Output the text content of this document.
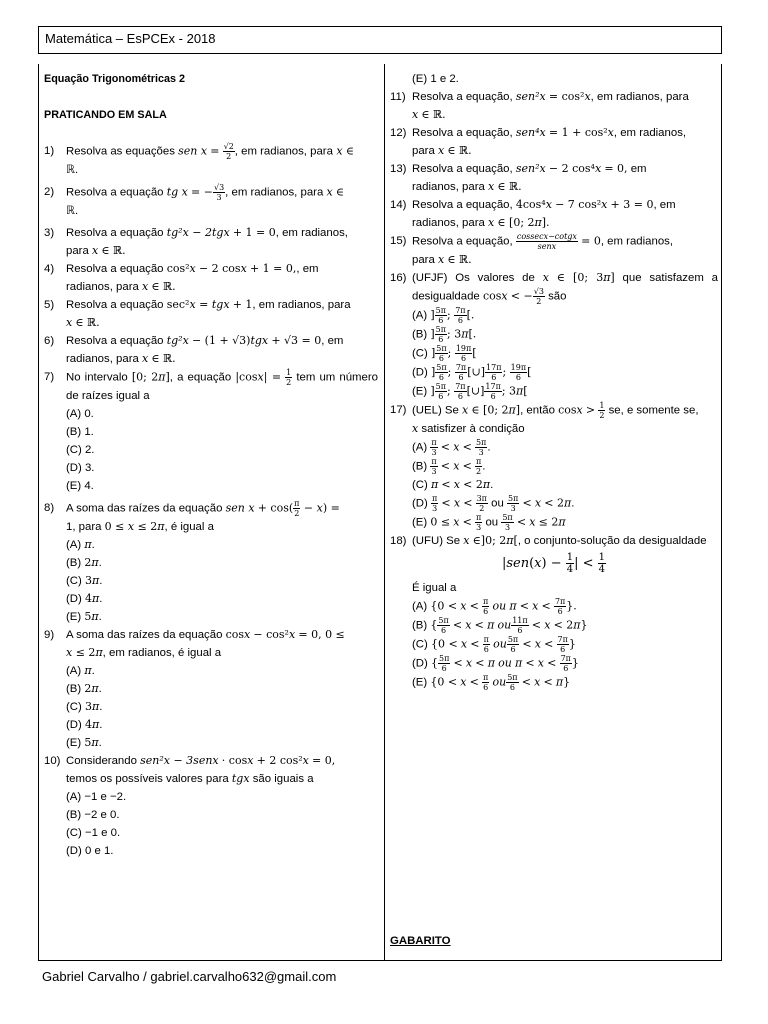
Matemática – EsPCEx - 2018
Equação Trigonométricas 2
PRATICANDO EM SALA
1)	Resolva as equações sen $x = \frac{√2}{2}$ , em radianos, para x ∈
ℝ.
2)	Resolva a equação tg x = − $\frac{√3}{3}$ , em radianos, para x ∈
ℝ.
3)	Resolva a equação tg²x − 2tgx + 1 = 0, em radianos,
para x ∈ ℝ.
4)	Resolva a equação cos²x − 2 cosx + 1 = 0,, em
radianos, para x ∈ ℝ.
5)	Resolva a equação sec²x = tgx + 1, em radianos, para
x ∈ ℝ.
6)	Resolva a equação tg²x − (1 + √3)tgx + √3 = 0, em
radianos, para x ∈ ℝ.
7)	No intervalo [0; 2π], a equação $|\cos x| = \frac{1}{2}$ tem um número de raízes igual a
(A) 0.
(B) 1.
(C) 2.
(D) 3.
(E) 4.
8)	A soma das raízes da equação sen $x + \cos( \frac{\pi}{2} - x)$ =
1, para 0 ≤ x ≤ 2π, é igual a
(A) π.
(B) 2π.
(C) 3π.
(D) 4π.
(E) 5π.
9)	A soma das raízes da equação cosx − cos²x = 0, 0 ≤
x ≤ 2π, em radianos, é igual a
(A) π.
(B) 2π.
(C) 3π.
(D) 4π.
(E) 5π.
10) Considerando sen²x − 3senx · cosx + 2 cos²x = 0,
temos os possíveis valores para tgx são iguais a
(A) −1 e −2.
(B) −2 e 0.
(C) −1 e 0.
(D) 0 e 1.
(E) 1 e 2.
11) Resolva a equação, sen²x = cos²x, em radianos, para
x ∈ ℝ.
12) Resolva a equação, sen⁴x = 1 + cos²x, em radianos,
para x ∈ ℝ.
13) Resolva a equação, sen²x − 2 cos⁴x = 0, em
radianos, para x ∈ ℝ.
14) Resolva a equação, 4cos⁴x − 7 cos²x + 3 = 0, em
radianos, para x ∈ [0; 2π].
15) Resolva a equação, $\frac{\text{cossecx−cotgx}}{\text{senx}} = 0$, em radianos,
para x ∈ ℝ.
16) (UFJF) Os valores de x ∈ [0; 3π] que satisfazem a desigualdade cosx < − $\frac{√3}{2}$ são
(A) ] $\frac{5\pi}{6}$ ; $\frac{7\pi}{6}$ [.
(B) ] $\frac{5\pi}{6}$ ; 3π[.
(C) ] $\frac{5\pi}{6}$ ; $\frac{19\pi}{6}$ [
(D) ] $\frac{5\pi}{6}$ ; $\frac{7\pi}{6}$ [∪] $\frac{17\pi}{6}$ ; $\frac{19\pi}{6}$ [
(E) ] $\frac{5\pi}{6}$ ; $\frac{7\pi}{6}$ [∪] $\frac{17\pi}{6}$ ; 3π[
17) (UEL) Se x ∈ [0; 2π], então $\cos x > \frac{1}{2}$ se, e somente se,
x satisfizer à condição
$(A) \frac{\pi}{3} < x < \frac{5\pi}{3}$ .
$(B) \frac{\pi}{3} < x < \frac{\pi}{2}$ .
(C) π < x < 2π.
$(D) \frac{\pi}{3} < x < \frac{3\pi}{2}$ ou $\frac{5\pi}{3} < x < 2\pi$.
(E) $0 \le x < \frac{\pi}{3}$ ou $\frac{5\pi}{3} < x \le 2\pi$
18) (UFU) Se x ∈]0; 2π[, o conjunto-solução da desigualdade
$|sen(x) - \frac{1}{4}$ | < $\frac{1}{4}$
É igual a
(A) {$0 < x < \frac{\pi}{6}$ ou $\pi < x < \frac{7\pi}{6}$ }.
(B) { $\frac{5\pi}{6} < x < \pi$ ou $\frac{11\pi}{6} < x < 2\pi$}
(C) {$0 < x < \frac{\pi}{6}$ ou $\frac{5\pi}{6} < x < \frac{7\pi}{6}$ }
(D) { $\frac{5\pi}{6} < x < \pi$ ou $\pi < x < \frac{7\pi}{6}$ }
(E) {$0 < x < \frac{\pi}{6}$ ou $\frac{5\pi}{6} < x < \pi$}
GABARITO
Gabriel Carvalho / gabriel.carvalho632@gmail.com
